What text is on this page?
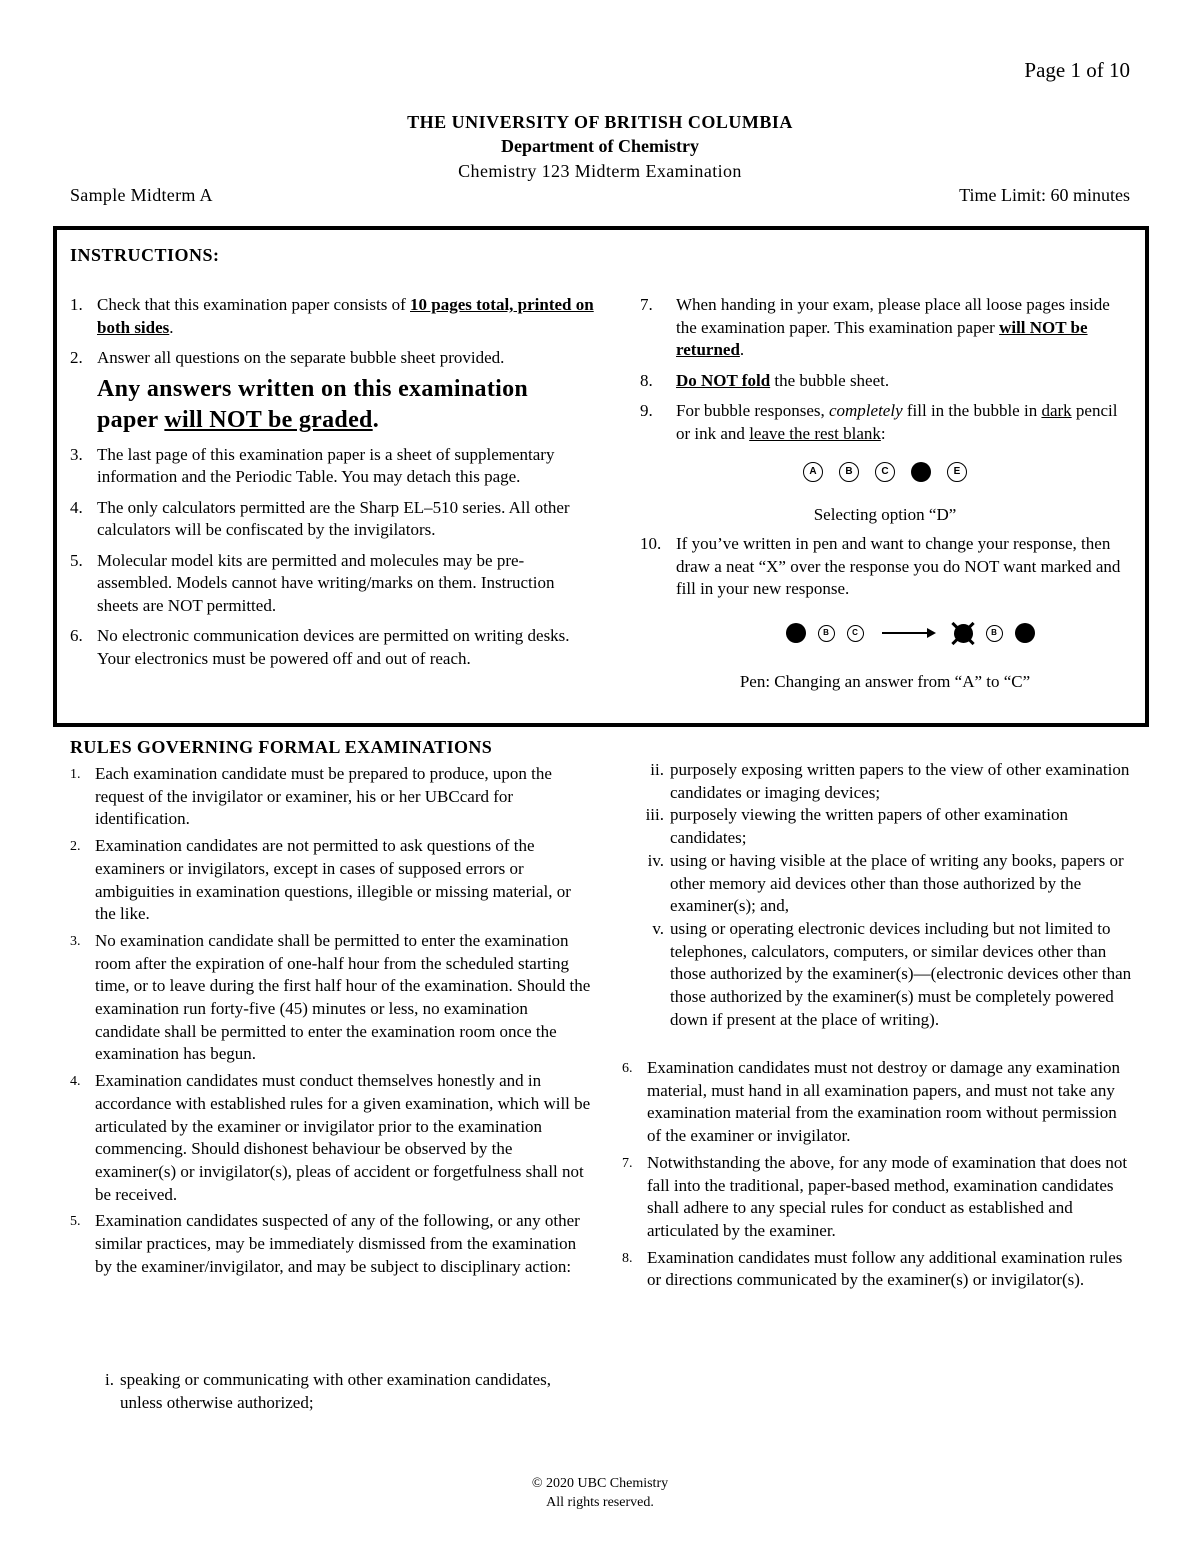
Page 1 of 10
THE UNIVERSITY OF BRITISH COLUMBIA
Department of Chemistry
Chemistry 123 Midterm Examination
Sample Midterm A	Time Limit: 60 minutes
INSTRUCTIONS:
1. Check that this examination paper consists of 10 pages total, printed on both sides.
2. Answer all questions on the separate bubble sheet provided.
Any answers written on this examination paper will NOT be graded.
3. The last page of this examination paper is a sheet of supplementary information and the Periodic Table. You may detach this page.
4. The only calculators permitted are the Sharp EL–510 series. All other calculators will be confiscated by the invigilators.
5. Molecular model kits are permitted and molecules may be pre-assembled. Models cannot have writing/marks on them. Instruction sheets are NOT permitted.
6. No electronic communication devices are permitted on writing desks. Your electronics must be powered off and out of reach.
7. When handing in your exam, please place all loose pages inside the examination paper. This examination paper will NOT be returned.
8. Do NOT fold the bubble sheet.
9. For bubble responses, completely fill in the bubble in dark pencil or ink and leave the rest blank:
A	B	C	E
Selecting option “D”
10. If you’ve written in pen and want to change your response, then draw a neat “X” over the response you do NOT want marked and fill in your new response.
B	C	B
Pen: Changing an answer from “A” to “C”
RULES GOVERNING FORMAL EXAMINATIONS
1. Each examination candidate must be prepared to produce, upon the request of the invigilator or examiner, his or her UBCcard for identification.
2. Examination candidates are not permitted to ask questions of the examiners or invigilators, except in cases of supposed errors or ambiguities in examination questions, illegible or missing material, or the like.
3. No examination candidate shall be permitted to enter the examination room after the expiration of one-half hour from the scheduled starting time, or to leave during the first half hour of the examination. Should the examination run forty-five (45) minutes or less, no examination candidate shall be permitted to enter the examination room once the examination has begun.
4. Examination candidates must conduct themselves honestly and in accordance with established rules for a given examination, which will be articulated by the examiner or invigilator prior to the examination commencing. Should dishonest behaviour be observed by the examiner(s) or invigilator(s), pleas of accident or forgetfulness shall not be received.
5. Examination candidates suspected of any of the following, or any other similar practices, may be immediately dismissed from the examination by the examiner/invigilator, and may be subject to disciplinary action:
i. speaking or communicating with other examination candidates, unless otherwise authorized;
ii. purposely exposing written papers to the view of other examination candidates or imaging devices;
iii. purposely viewing the written papers of other examination candidates;
iv. using or having visible at the place of writing any books, papers or other memory aid devices other than those authorized by the examiner(s); and,
v. using or operating electronic devices including but not limited to telephones, calculators, computers, or similar devices other than those authorized by the examiner(s)—(electronic devices other than those authorized by the examiner(s) must be completely powered down if present at the place of writing).
6. Examination candidates must not destroy or damage any examination material, must hand in all examination papers, and must not take any examination material from the examination room without permission of the examiner or invigilator.
7. Notwithstanding the above, for any mode of examination that does not fall into the traditional, paper-based method, examination candidates shall adhere to any special rules for conduct as established and articulated by the examiner.
8. Examination candidates must follow any additional examination rules or directions communicated by the examiner(s) or invigilator(s).
© 2020 UBC Chemistry
All rights reserved.
